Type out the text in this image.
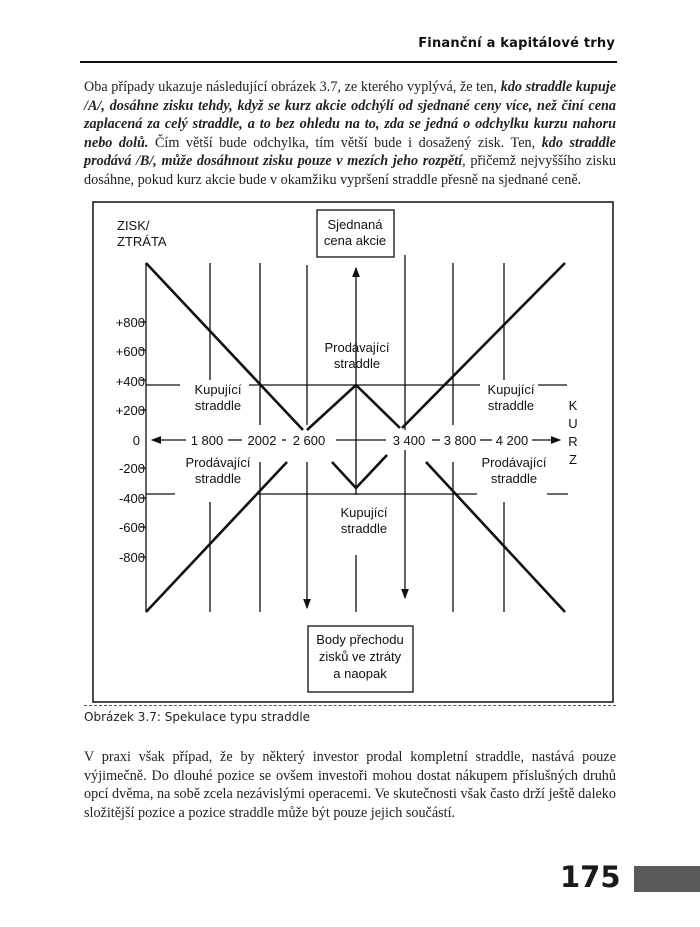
Finanční a kapitálové trhy

Oba případy ukazuje následující obrázek 3.7, ze kterého vyplývá, že ten, kdo straddle kupuje /A/, dosáhne zisku tehdy, když se kurz akcie odchýlí od sjednané ceny více, než činí cena zaplacená za celý straddle, a to bez ohledu na to, zda se jedná o odchylku kurzu nahoru nebo dolů. Čím větší bude odchylka, tím větší bude i dosažený zisk. Ten, kdo straddle prodává /B/, může dosáhnout zisku pouze v mezích jeho rozpětí, přičemž nejvyššího zisku dosáhne, pokud kurz akcie bude v okamžiku vypršení straddle přesně na sjednané ceně.

Sjednaná
cena akcie
Body přechodu
zisků ve ztráty
a naopak
ZISK/
ZTRÁTA
+800
+600
+400
+200
0
-200
-400
-600
-800
1 800 2002 2 600	3 400 3 800 4 200
K
U
R
Z
Kupující
straddle
Kupující
straddle
Prodávající
straddle
Prodávající
straddle
Prodávající
straddle
Kupující
straddle
Obrázek 3.7: Spekulace typu straddle

V praxi však případ, že by některý investor prodal kompletní straddle, nastává pouze výjimečně. Do dlouhé pozice se ovšem investoři mohou dostat nákupem příslušných druhů opcí dvěma, na sobě zcela nezávislými operacemi. Ve skutečnosti však často drží ještě daleko složitější pozice a pozice straddle může být pouze jejich součástí.

175
